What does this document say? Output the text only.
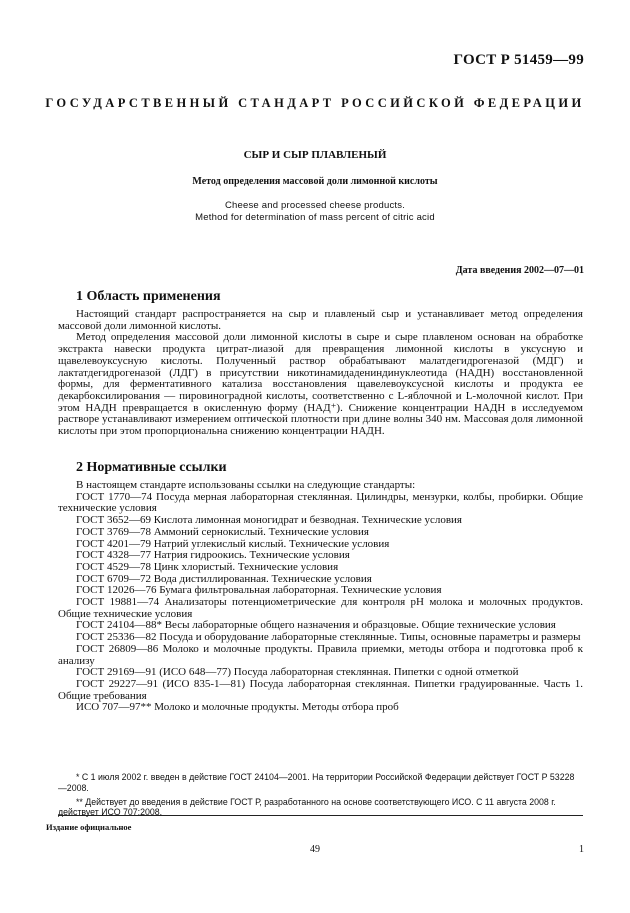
ГОСТ Р 51459—99
ГОСУДАРСТВЕННЫЙ СТАНДАРТ РОССИЙСКОЙ ФЕДЕРАЦИИ
СЫР И СЫР ПЛАВЛЕНЫЙ
Метод определения массовой доли лимонной кислоты
Cheese and processed cheese products.
Method for determination of mass percent of citric acid
Дата введения 2002—07—01
1 Область применения

Настоящий стандарт распространяется на сыр и плавленый сыр и устанавливает метод определения массовой доли лимонной кислоты.

Метод определения массовой доли лимонной кислоты в сыре и сыре плавленом основан на обработке экстракта навески продукта цитрат-лиазой для превращения лимонной кислоты в уксусную и щавелевоуксусную кислоты. Полученный раствор обрабатывают малатдегидрогеназой (МДГ) и лактатдегидрогеназой (ЛДГ) в присутствии никотинамидадениндинуклеотида (НАДН) восстановленной формы, для ферментативного катализа восстановления щавелевоуксусной кислоты и продукта ее декарбоксилирования — пировиноградной кислоты, соответственно с L-яблочной и L-молочной кислот. При этом НАДН превращается в окисленную форму (НАД⁺). Снижение концентрации НАДН в исследуемом растворе устанавливают измерением оптической плотности при длине волны 340 нм. Массовая доля лимонной кислоты при этом пропорциональна снижению концентрации НАДН.

2 Нормативные ссылки

В настоящем стандарте использованы ссылки на следующие стандарты:

ГОСТ 1770—74 Посуда мерная лабораторная стеклянная. Цилиндры, мензурки, колбы, пробирки. Общие технические условия

ГОСТ 3652—69 Кислота лимонная моногидрат и безводная. Технические условия

ГОСТ 3769—78 Аммоний сернокислый. Технические условия

ГОСТ 4201—79 Натрий углекислый кислый. Технические условия

ГОСТ 4328—77 Натрия гидроокись. Технические условия

ГОСТ 4529—78 Цинк хлористый. Технические условия

ГОСТ 6709—72 Вода дистиллированная. Технические условия

ГОСТ 12026—76 Бумага фильтровальная лабораторная. Технические условия

ГОСТ 19881—74 Анализаторы потенциометрические для контроля pH молока и молочных продуктов. Общие технические условия

ГОСТ 24104—88* Весы лабораторные общего назначения и образцовые. Общие технические условия

ГОСТ 25336—82 Посуда и оборудование лабораторные стеклянные. Типы, основные параметры и размеры

ГОСТ 26809—86 Молоко и молочные продукты. Правила приемки, методы отбора и подготовка проб к анализу

ГОСТ 29169—91 (ИСО 648—77) Посуда лабораторная стеклянная. Пипетки с одной отметкой

ГОСТ 29227—91 (ИСО 835-1—81) Посуда лабораторная стеклянная. Пипетки градуированные. Часть 1. Общие требования

ИСО 707—97** Молоко и молочные продукты. Методы отбора проб

* С 1 июля 2002 г. введен в действие ГОСТ 24104—2001. На территории Российской Федерации действует ГОСТ Р 53228—2008.

** Действует до введения в действие ГОСТ Р, разработанного на основе соответствующего ИСО. С 11 августа 2008 г. действует ИСО 707:2008.

Издание официальное
49	1
